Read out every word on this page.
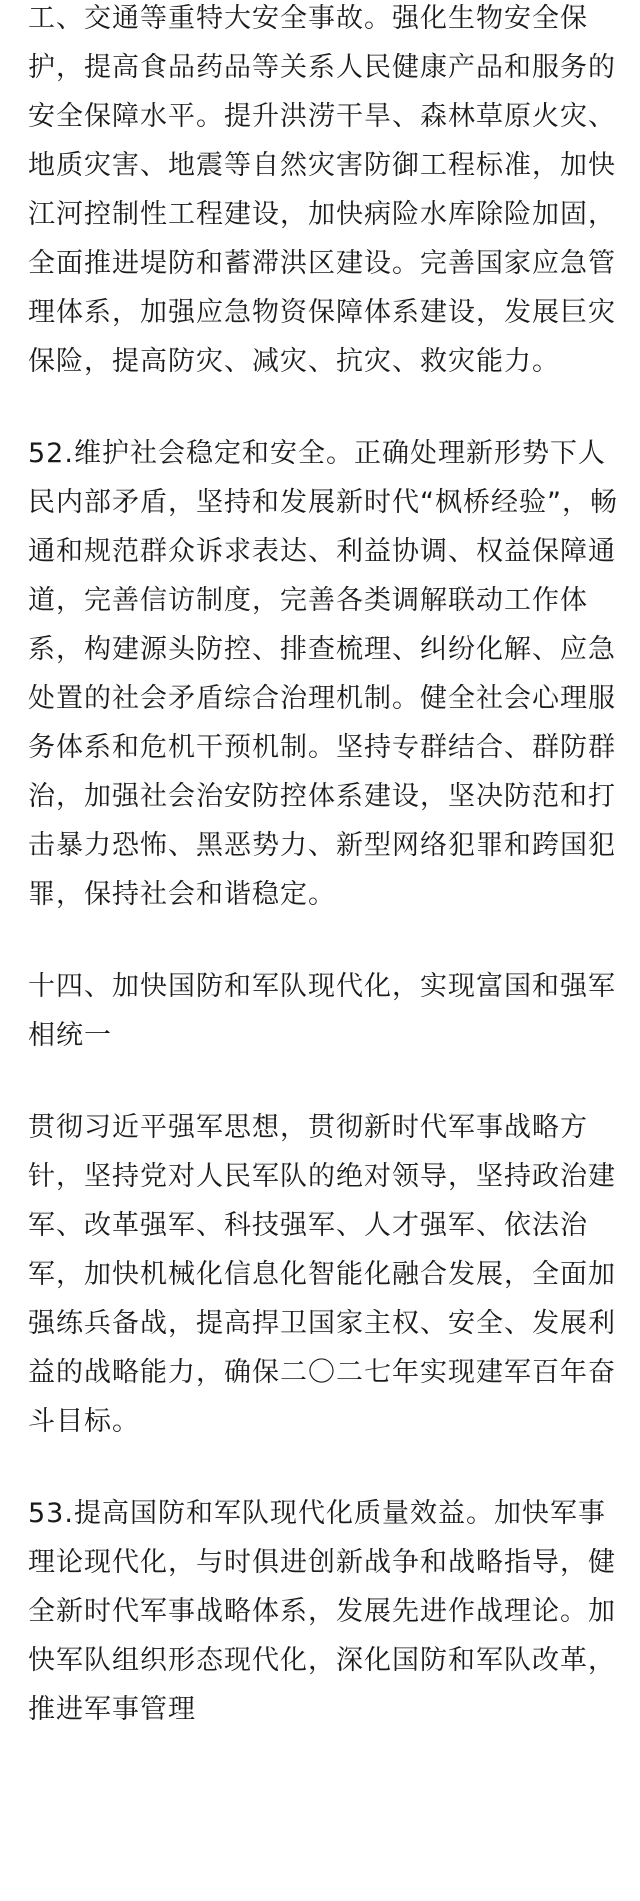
工、交通等重特大安全事故。强化生物安全保护，提高食品药品等关系人民健康产品和服务的安全保障水平。提升洪涝干旱、森林草原火灾、地质灾害、地震等自然灾害防御工程标准，加快江河控制性工程建设，加快病险水库除险加固，全面推进堤防和蓄滞洪区建设。完善国家应急管理体系，加强应急物资保障体系建设，发展巨灾保险，提高防灾、减灾、抗灾、救灾能力。

52.维护社会稳定和安全。正确处理新形势下人民内部矛盾，坚持和发展新时代“枫桥经验”，畅通和规范群众诉求表达、利益协调、权益保障通道，完善信访制度，完善各类调解联动工作体系，构建源头防控、排查梳理、纠纷化解、应急处置的社会矛盾综合治理机制。健全社会心理服务体系和危机干预机制。坚持专群结合、群防群治，加强社会治安防控体系建设，坚决防范和打击暴力恐怖、黑恶势力、新型网络犯罪和跨国犯罪，保持社会和谐稳定。

十四、加快国防和军队现代化，实现富国和强军相统一

贯彻习近平强军思想，贯彻新时代军事战略方针，坚持党对人民军队的绝对领导，坚持政治建军、改革强军、科技强军、人才强军、依法治军，加快机械化信息化智能化融合发展，全面加强练兵备战，提高捍卫国家主权、安全、发展利益的战略能力，确保二〇二七年实现建军百年奋斗目标。

53.提高国防和军队现代化质量效益。加快军事理论现代化，与时俱进创新战争和战略指导，健全新时代军事战略体系，发展先进作战理论。加快军队组织形态现代化，深化国防和军队改革，推进军事管理
